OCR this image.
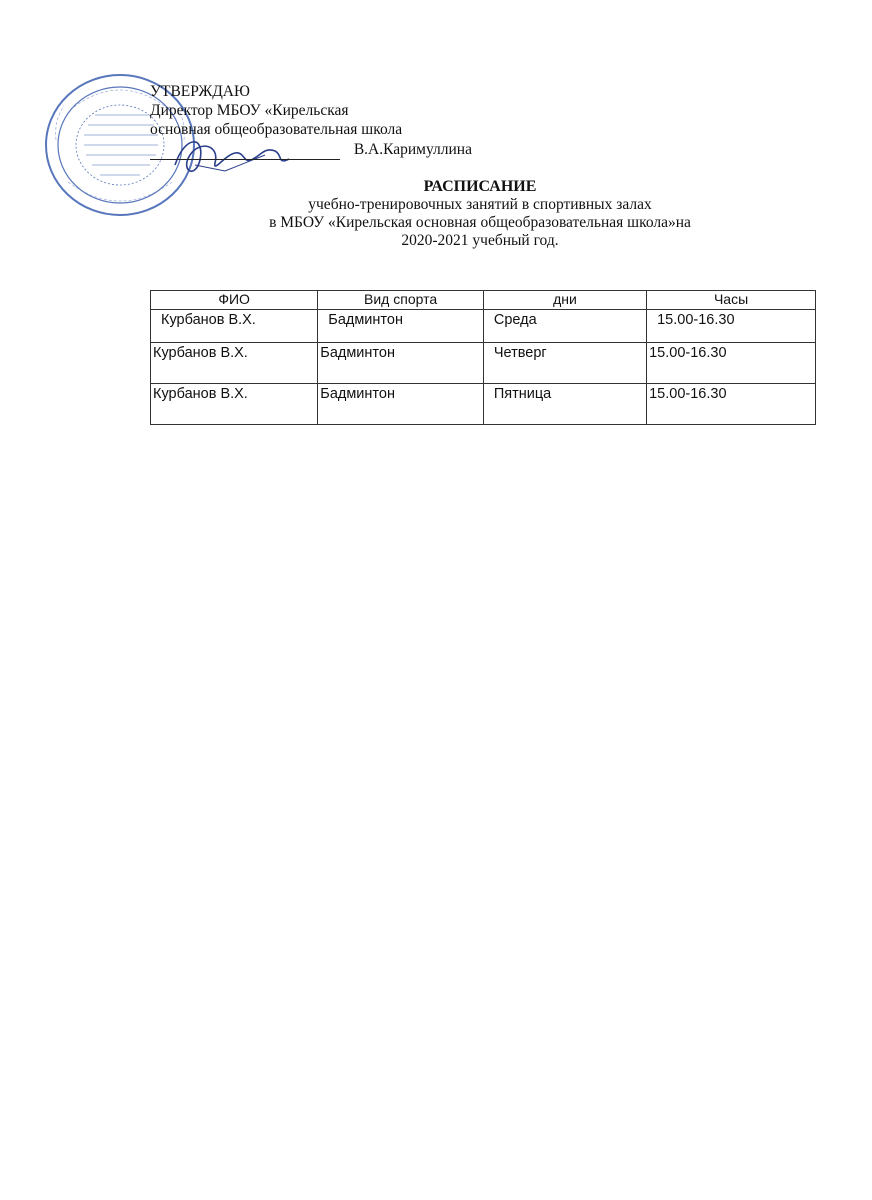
УТВЕРЖДАЮ
Директор МБОУ «Кирельская
основная общеобразовательная школа
В.А.Каримуллина
РАСПИСАНИЕ
учебно-тренировочных занятий в спортивных залах
в МБОУ «Кирельская основная общеобразовательная школа»на
2020-2021 учебный год.
ФИО	Вид спорта	дни	Часы
Курбанов В.Х.	Бадминтон	Среда	15.00-16.30
Курбанов В.Х.	Бадминтон	Четверг	15.00-16.30
Курбанов В.Х.	Бадминтон	Пятница	15.00-16.30
